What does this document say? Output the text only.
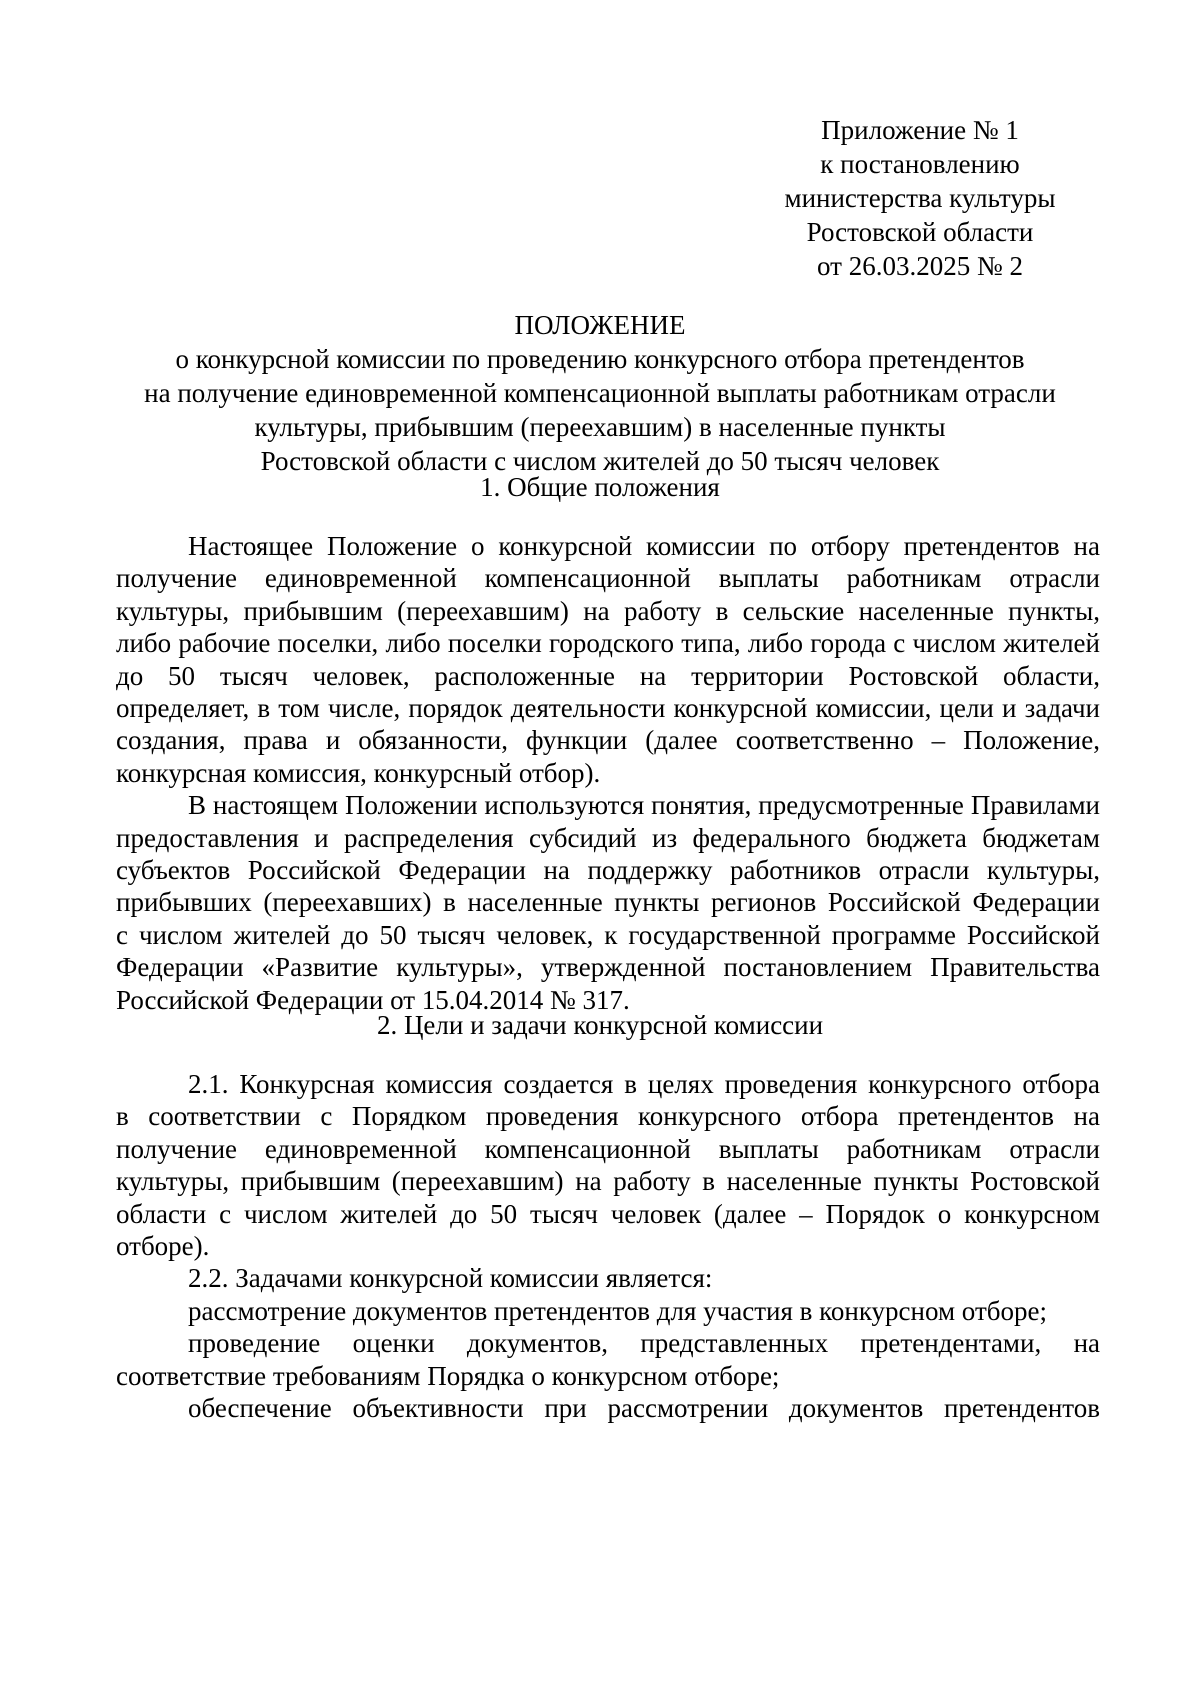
Приложение № 1
к постановлению
министерства культуры
Ростовской области
от 26.03.2025 № 2
ПОЛОЖЕНИЕ
о конкурсной комиссии по проведению конкурсного отбора претендентов
на получение единовременной компенсационной выплаты работникам отрасли
культуры, прибывшим (переехавшим) в населенные пункты
Ростовской области с числом жителей до 50 тысяч человек
1. Общие положения
Настоящее Положение о конкурсной комиссии по отбору претендентов на
получение единовременной компенсационной выплаты работникам отрасли
культуры, прибывшим (переехавшим) на работу в сельские населенные пункты,
либо рабочие поселки, либо поселки городского типа, либо города с числом жителей
до 50 тысяч человек, расположенные на территории Ростовской области,
определяет, в том числе, порядок деятельности конкурсной комиссии, цели и задачи
создания, права и обязанности, функции (далее соответственно – Положение,
конкурсная комиссия, конкурсный отбор).
В настоящем Положении используются понятия, предусмотренные Правилами
предоставления и распределения субсидий из федерального бюджета бюджетам
субъектов Российской Федерации на поддержку работников отрасли культуры,
прибывших (переехавших) в населенные пункты регионов Российской Федерации
с числом жителей до 50 тысяч человек, к государственной программе Российской
Федерации «Развитие культуры», утвержденной постановлением Правительства
Российской Федерации от 15.04.2014 № 317.
2. Цели и задачи конкурсной комиссии
2.1. Конкурсная комиссия создается в целях проведения конкурсного отбора
в соответствии с Порядком проведения конкурсного отбора претендентов на
получение единовременной компенсационной выплаты работникам отрасли
культуры, прибывшим (переехавшим) на работу в населенные пункты Ростовской
области с числом жителей до 50 тысяч человек (далее – Порядок о конкурсном
отборе).
2.2. Задачами конкурсной комиссии является:
рассмотрение документов претендентов для участия в конкурсном отборе;
проведение оценки документов, представленных претендентами, на
соответствие требованиям Порядка о конкурсном отборе;
обеспечение объективности при рассмотрении документов претендентов
